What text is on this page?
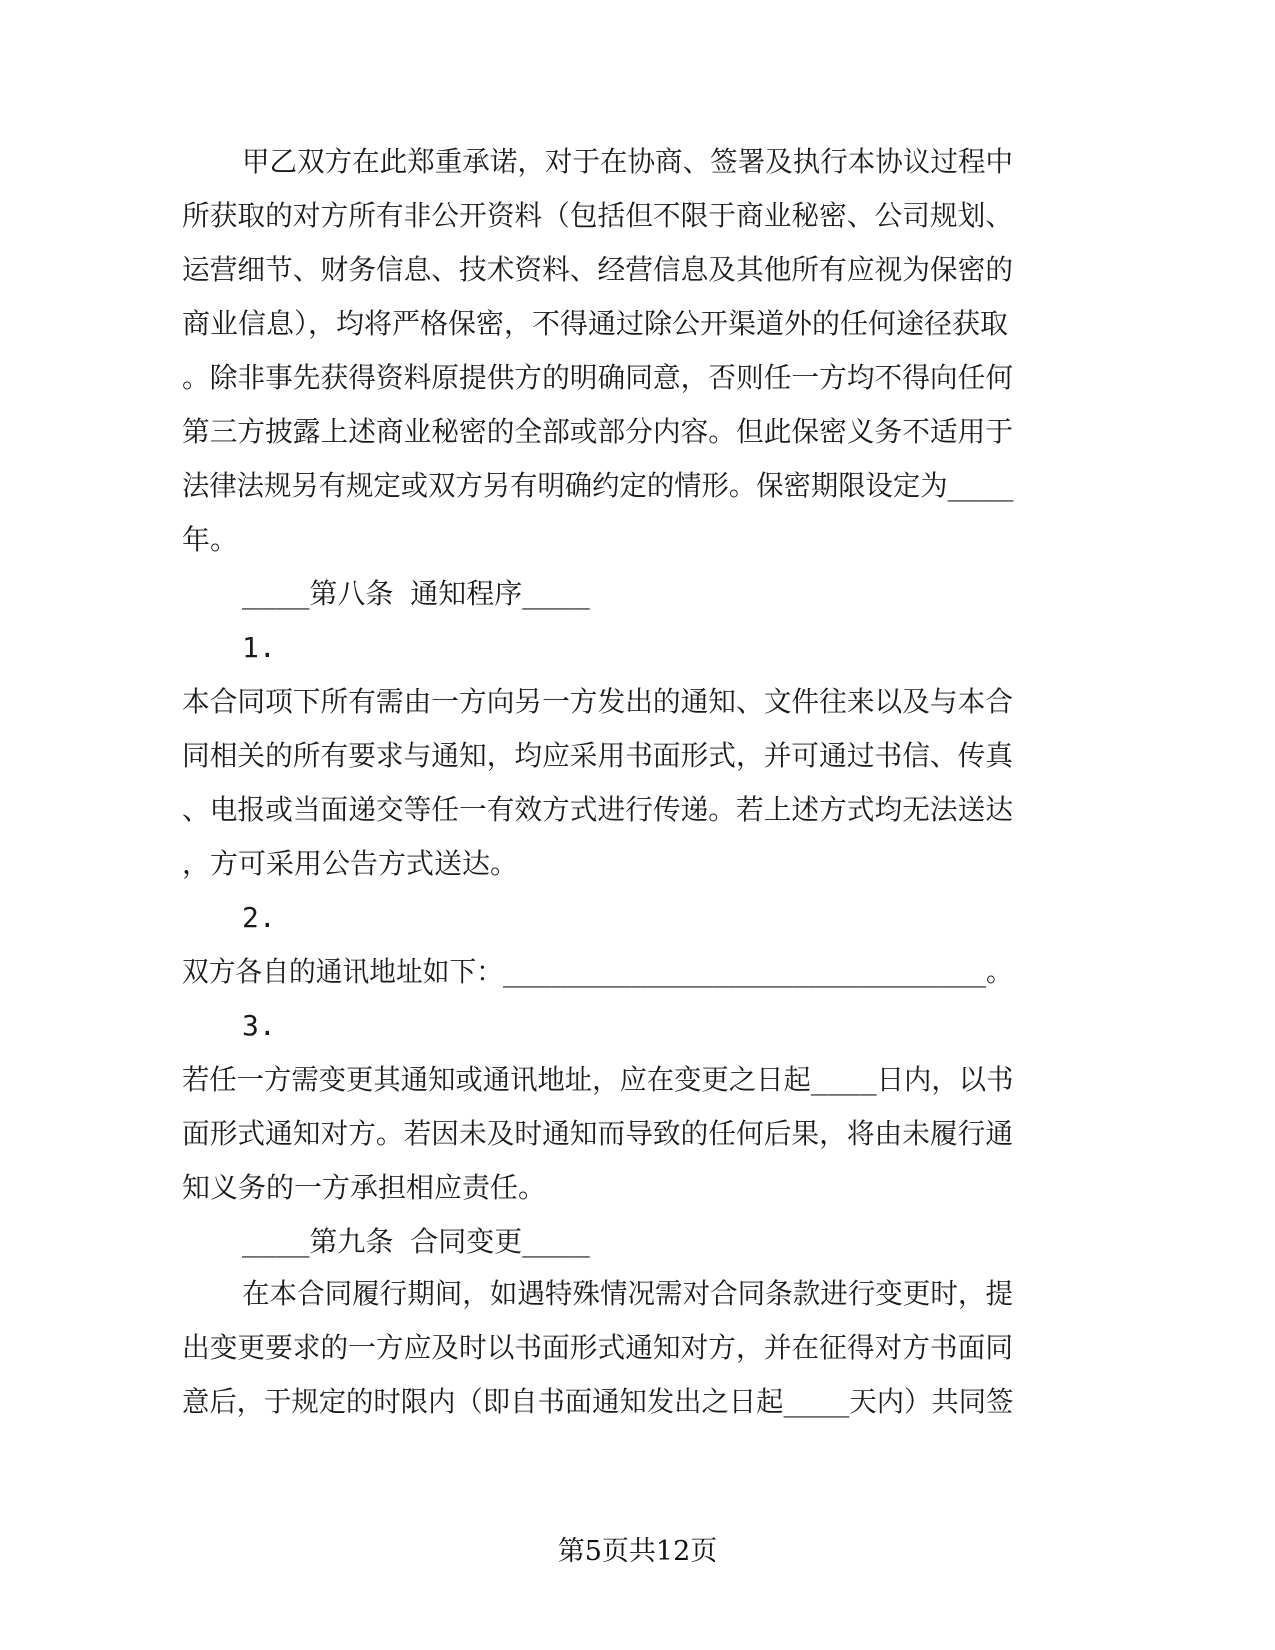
甲乙双方在此郑重承诺，对于在协商、签署及执行本协议过程中

所获取的对方所有非公开资料（包括但不限于商业秘密、公司规划、

运营细节、财务信息、技术资料、经营信息及其他所有应视为保密的

商业信息），均将严格保密，不得通过除公开渠道外的任何途径获取

。除非事先获得资料原提供方的明确同意，否则任一方均不得向任何

第三方披露上述商业秘密的全部或部分内容。但此保密义务不适用于

法律法规另有规定或双方另有明确约定的情形。保密期限设定为____

年。

____第八条 通知程序____

1.

本合同项下所有需由一方向另一方发出的通知、文件往来以及与本合

同相关的所有要求与通知，均应采用书面形式，并可通过书信、传真

、电报或当面递交等任一有效方式进行传递。若上述方式均无法送达

，方可采用公告方式送达。

2.

双方各自的通讯地址如下：______________________________。

3.

若任一方需变更其通知或通讯地址，应在变更之日起____日内，以书

面形式通知对方。若因未及时通知而导致的任何后果，将由未履行通

知义务的一方承担相应责任。

____第九条 合同变更____

在本合同履行期间，如遇特殊情况需对合同条款进行变更时，提

出变更要求的一方应及时以书面形式通知对方，并在征得对方书面同

意后，于规定的时限内（即自书面通知发出之日起____天内）共同签

第5页共12页
